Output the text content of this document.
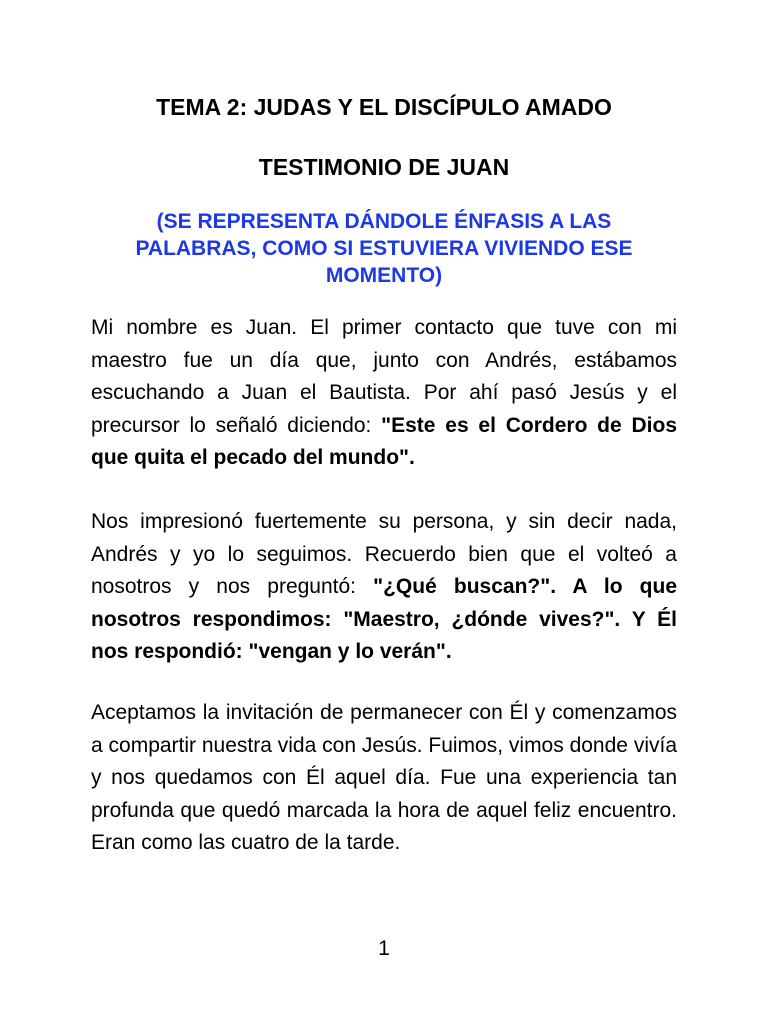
TEMA 2: JUDAS Y EL DISCÍPULO AMADO
TESTIMONIO DE JUAN

(SE REPRESENTA DÁNDOLE ÉNFASIS A LAS PALABRAS, COMO SI ESTUVIERA VIVIENDO ESE MOMENTO)

Mi nombre es Juan. El primer contacto que tuve con mi maestro fue un día que, junto con Andrés, estábamos escuchando a Juan el Bautista. Por ahí pasó Jesús y el precursor lo señaló diciendo: "Este es el Cordero de Dios que quita el pecado del mundo".

Nos impresionó fuertemente su persona, y sin decir nada, Andrés y yo lo seguimos. Recuerdo bien que el volteó a nosotros y nos preguntó: "¿Qué buscan?". A lo que nosotros respondimos: "Maestro, ¿dónde vives?". Y Él nos respondió: "vengan y lo verán".

Aceptamos la invitación de permanecer con Él y comenzamos a compartir nuestra vida con Jesús. Fuimos, vimos donde vivía y nos quedamos con Él aquel día. Fue una experiencia tan profunda que quedó marcada la hora de aquel feliz encuentro. Eran como las cuatro de la tarde.

1
